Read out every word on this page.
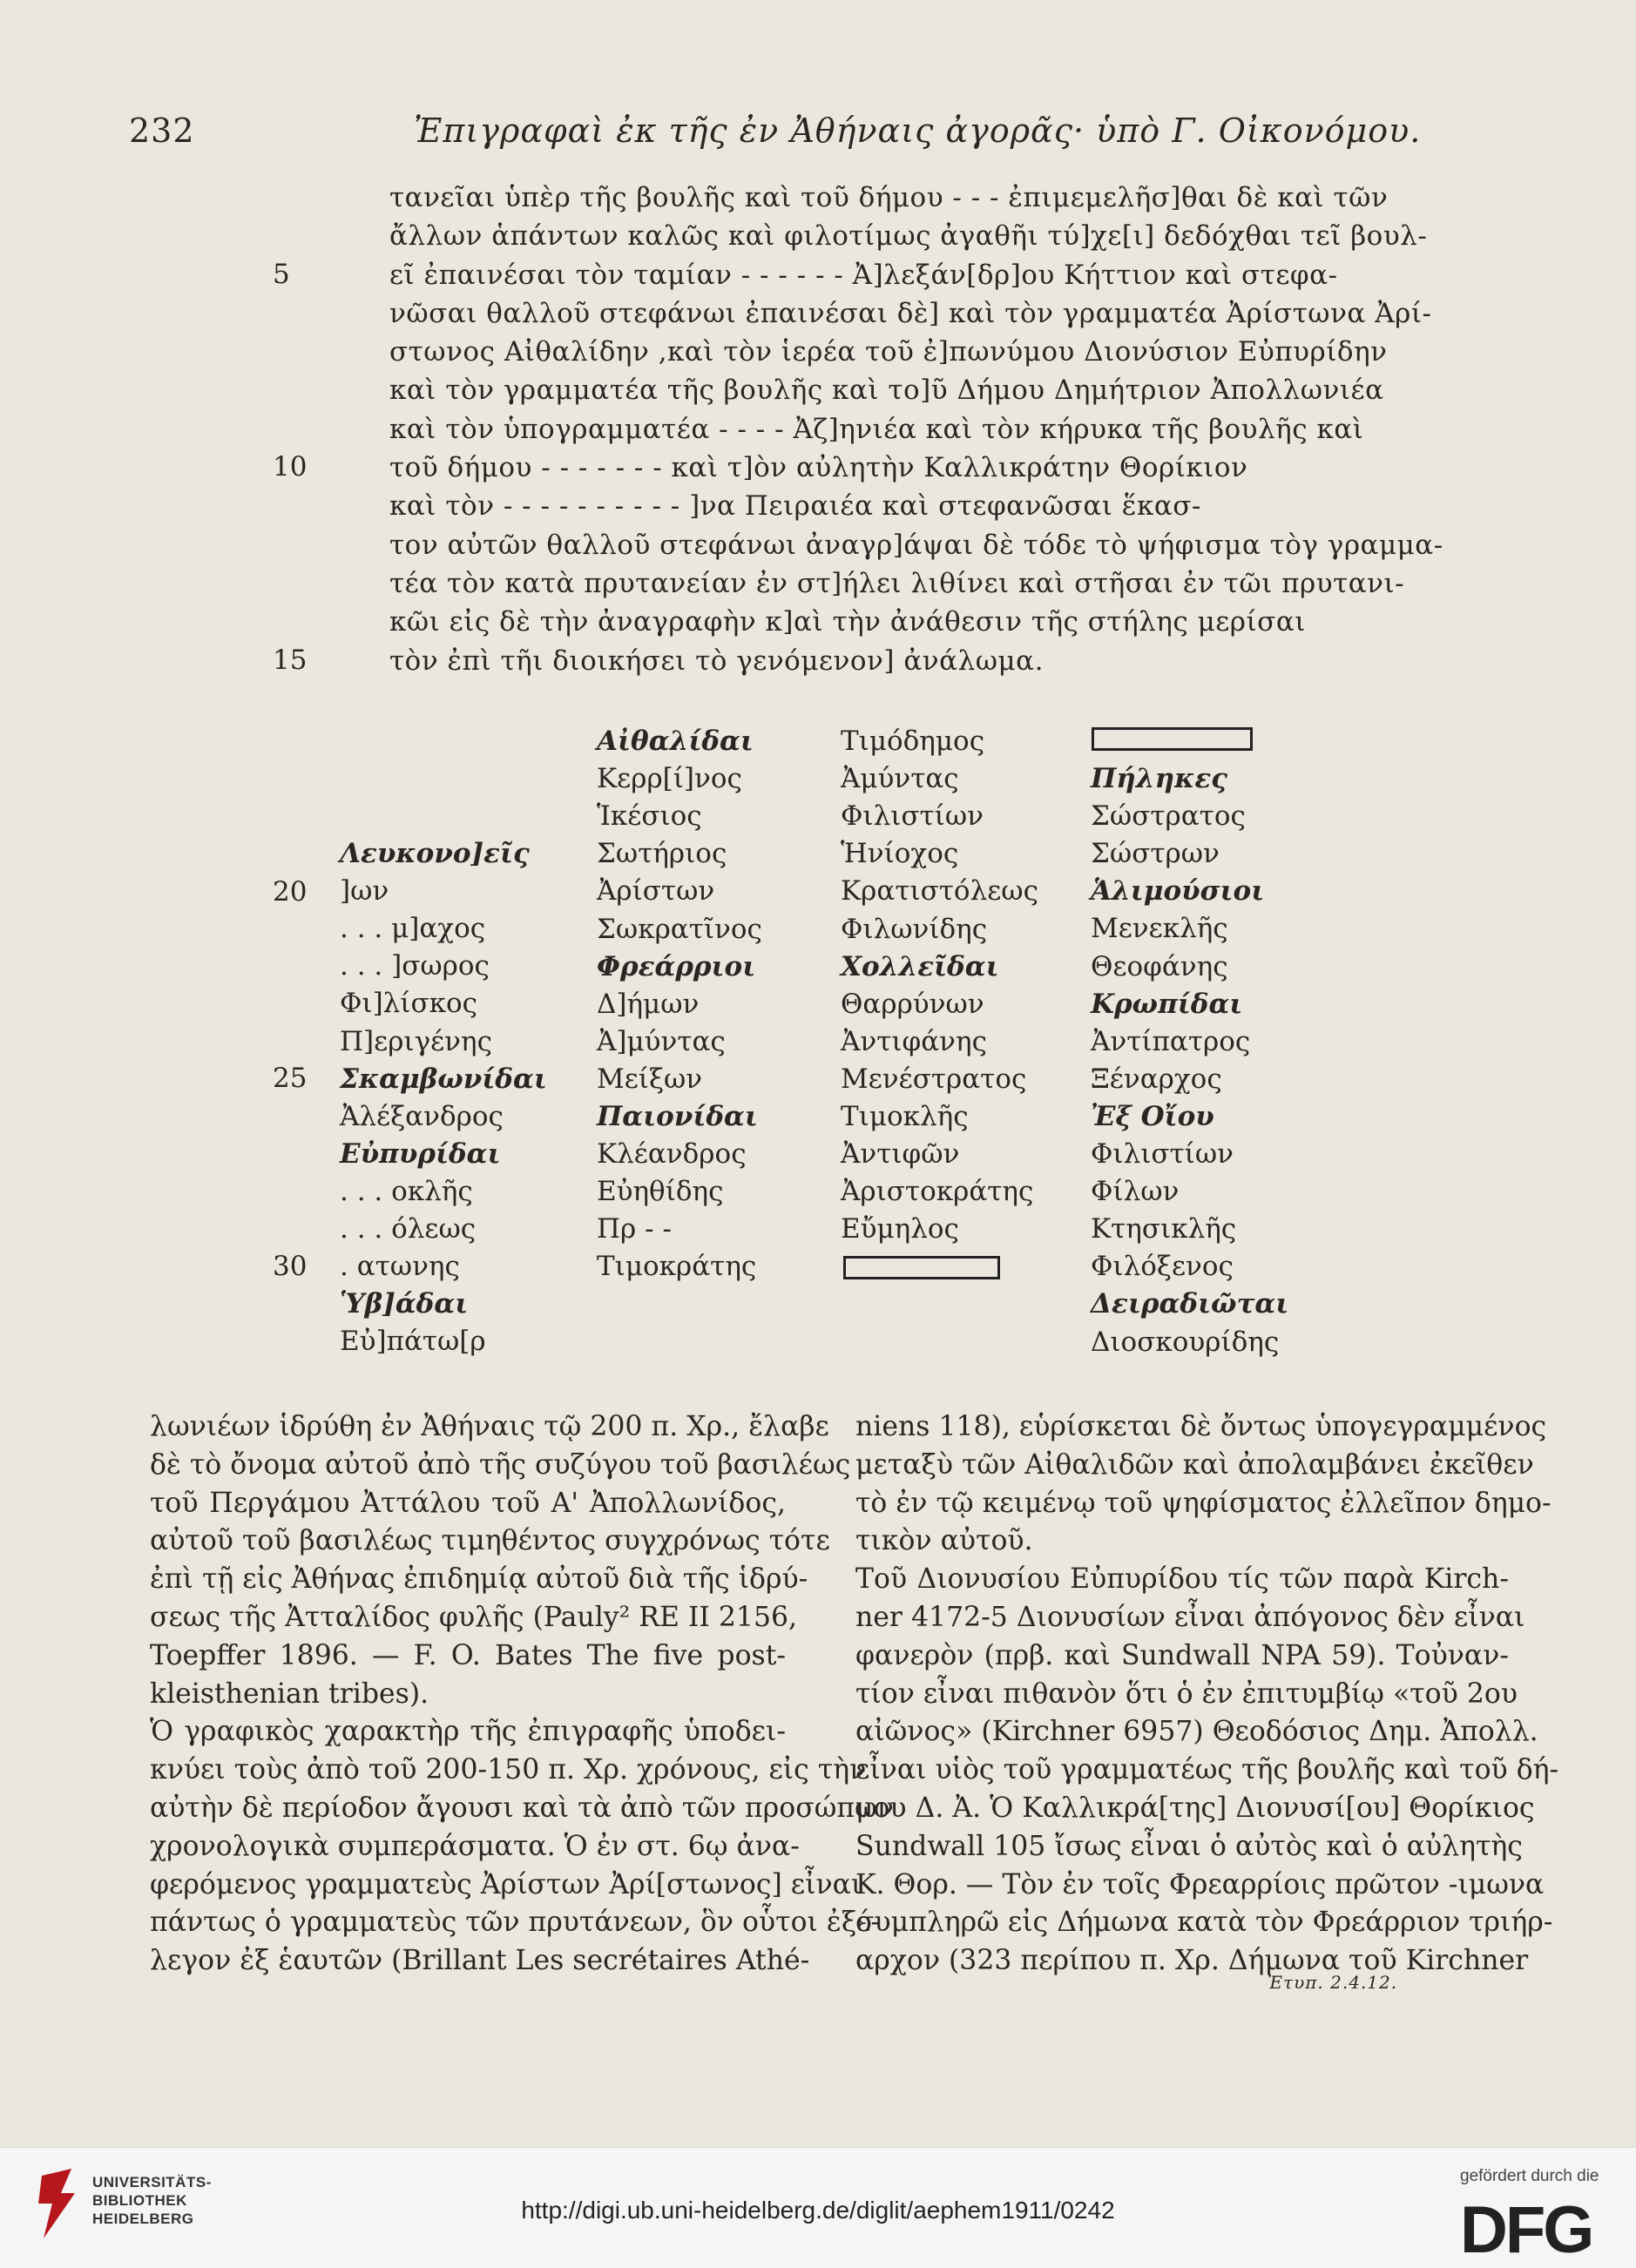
232	Ἐπιγραφαὶ ἐκ τῆς ἐν Ἀθήναις ἀγορᾶς· ὑπὸ Γ. Οἰκονόμου.
τανεῖαι ὑπὲρ τῆς βουλῆς καὶ τοῦ δήμου - - - ἐπιμεμελῆσ]θαι δὲ καὶ τῶν
ἄλλων ἁπάντων καλῶς καὶ φιλοτίμως ἀγαθῆι τύ]χε[ι] δεδόχθαι τεῖ βουλ-
εῖ ἐπαινέσαι τὸν ταμίαν - - - - - - Ἀ]λεξάν[δρ]ου Κήττιον καὶ στεφα-
νῶσαι θαλλοῦ στεφάνωι ἐπαινέσαι δὲ] καὶ τὸν γραμματέα Ἀρίστωνα Ἀρί-
στωνος Αἰθαλίδην ,καὶ τὸν ἱερέα τοῦ ἐ]πωνύμου Διονύσιον Εὐπυρίδην
καὶ τὸν γραμματέα τῆς βουλῆς καὶ το]ῦ Δήμου Δημήτριον Ἀπολλωνιέα
καὶ τὸν ὑπογραμματέα - - - - Ἀζ]ηνιέα καὶ τὸν κήρυκα τῆς βουλῆς καὶ
τοῦ δήμου - - - - - - - καὶ τ]ὸν αὐλητὴν Καλλικράτην Θορίκιον
καὶ τὸν - - - - - - - - - - ]να Πειραιέα καὶ στεφανῶσαι ἕκασ-
τον αὐτῶν θαλλοῦ στεφάνωι ἀναγρ]άψαι δὲ τόδε τὸ ψήφισμα τὸγ γραμμα-
τέα τὸν κατὰ πρυτανείαν ἐν στ]ήλει λιθίνει καὶ στῆσαι ἐν τῶι πρυτανι-
κῶι εἰς δὲ τὴν ἀναγραφὴν κ]αὶ τὴν ἀνάθεσιν τῆς στήλης μερίσαι
τὸν ἐπὶ τῆι διοικήσει τὸ γενόμενον] ἀνάλωμα.
5
10
15
20
25
30
Λευκονο]εῖς
]ων
. . . μ]αχος
. . . ]σωρος
Φι]λίσκος
Π]εριγένης
Σκαμβωνίδαι
Ἀλέξανδρος
Εὐπυρίδαι
. . . οκλῆς
. . . όλεως
. ατωνης
Ὑβ]άδαι
Εὐ]πάτω[ρ
Αἰθαλίδαι
Κερρ[ί]νος
Ἱκέσιος
Σωτήριος
Ἀρίστων
Σωκρατῖνος
Φρεάρριοι
Δ]ήμων
Ἀ]μύντας
Μείξων
Παιονίδαι
Κλέανδρος
Εὐηθίδης
Πρ - -
Τιμοκράτης
Τιμόδημος
Ἀμύντας
Φιλιστίων
Ἡνίοχος
Κρατιστόλεως
Φιλωνίδης
Χολλεῖδαι
Θαρρύνων
Ἀντιφάνης
Μενέστρατος
Τιμοκλῆς
Ἀντιφῶν
Ἀριστοκράτης
Εὔμηλος
Πήληκες
Σώστρατος
Σώστρων
Ἁλιμούσιοι
Μενεκλῆς
Θεοφάνης
Κρωπίδαι
Ἀντίπατρος
Ξέναρχος
Ἐξ Οἴου
Φιλιστίων
Φίλων
Κτησικλῆς
Φιλόξενος
Δειραδιῶται
Διοσκουρίδης
λωνιέων ἱδρύθη ἐν Ἀθήναις τῷ 200 π. Χρ., ἔλαβε
δὲ τὸ ὄνομα αὐτοῦ ἀπὸ τῆς συζύγου τοῦ βασιλέως
τοῦ Περγάμου Ἀττάλου τοῦ Α' Ἀπολλωνίδος,
αὐτοῦ τοῦ βασιλέως τιμηθέντος συγχρόνως τότε
ἐπὶ τῇ εἰς Ἀθήνας ἐπιδημίᾳ αὐτοῦ διὰ τῆς ἱδρύ-
σεως τῆς Ἀτταλίδος φυλῆς (Pauly² RE II 2156,
Toepffer 1896. — F. O. Bates The five post-
kleisthenian tribes).
Ὁ γραφικὸς χαρακτὴρ τῆς ἐπιγραφῆς ὑποδει-
κνύει τοὺς ἀπὸ τοῦ 200-150 π. Χρ. χρόνους, εἰς τὴν
αὐτὴν δὲ περίοδον ἄγουσι καὶ τὰ ἀπὸ τῶν προσώπων
χρονολογικὰ συμπεράσματα. Ὁ ἐν στ. 6ῳ ἀνα-
φερόμενος γραμματεὺς Ἀρίστων Ἀρί[στωνος] εἶναι
πάντως ὁ γραμματεὺς τῶν πρυτάνεων, ὃν οὗτοι ἐξέ-
λεγον ἐξ ἑαυτῶν (Brillant Les secrétaires Athé-
niens 118), εὑρίσκεται δὲ ὄντως ὑπογεγραμμένος
μεταξὺ τῶν Αἰθαλιδῶν καὶ ἀπολαμβάνει ἐκεῖθεν
τὸ ἐν τῷ κειμένῳ τοῦ ψηφίσματος ἐλλεῖπον δημο-
τικὸν αὐτοῦ.
Τοῦ Διονυσίου Εὐπυρίδου τίς τῶν παρὰ Kirch-
ner 4172-5 Διονυσίων εἶναι ἀπόγονος δὲν εἶναι
φανερὸν (πρβ. καὶ Sundwall NPA 59). Τοὐναν-
τίον εἶναι πιθανὸν ὅτι ὁ ἐν ἐπιτυμβίῳ «τοῦ 2ου
αἰῶνος» (Kirchner 6957) Θεοδόσιος Δημ. Ἀπολλ.
εἶναι υἱὸς τοῦ γραμματέως τῆς βουλῆς καὶ τοῦ δή-
μου Δ. Ἀ. Ὁ Καλλικρά[της] Διονυσί[ου] Θορίκιος
Sundwall 105 ἴσως εἶναι ὁ αὐτὸς καὶ ὁ αὐλητὴς
Κ. Θορ. — Τὸν ἐν τοῖς Φρεαρρίοις πρῶτον -ιμωνα
συμπληρῶ εἰς Δήμωνα κατὰ τὸν Φρεάρριον τριήρ-
αρχον (323 περίπου π. Χρ. Δήμωνα τοῦ Kirchner
Ἐτυπ. 2.4.12.
UNIVERSITÄTS-
BIBLIOTHEK
HEIDELBERG	http://digi.ub.uni-heidelberg.de/diglit/aephem1911/0242
gefördert durch die
DFG
